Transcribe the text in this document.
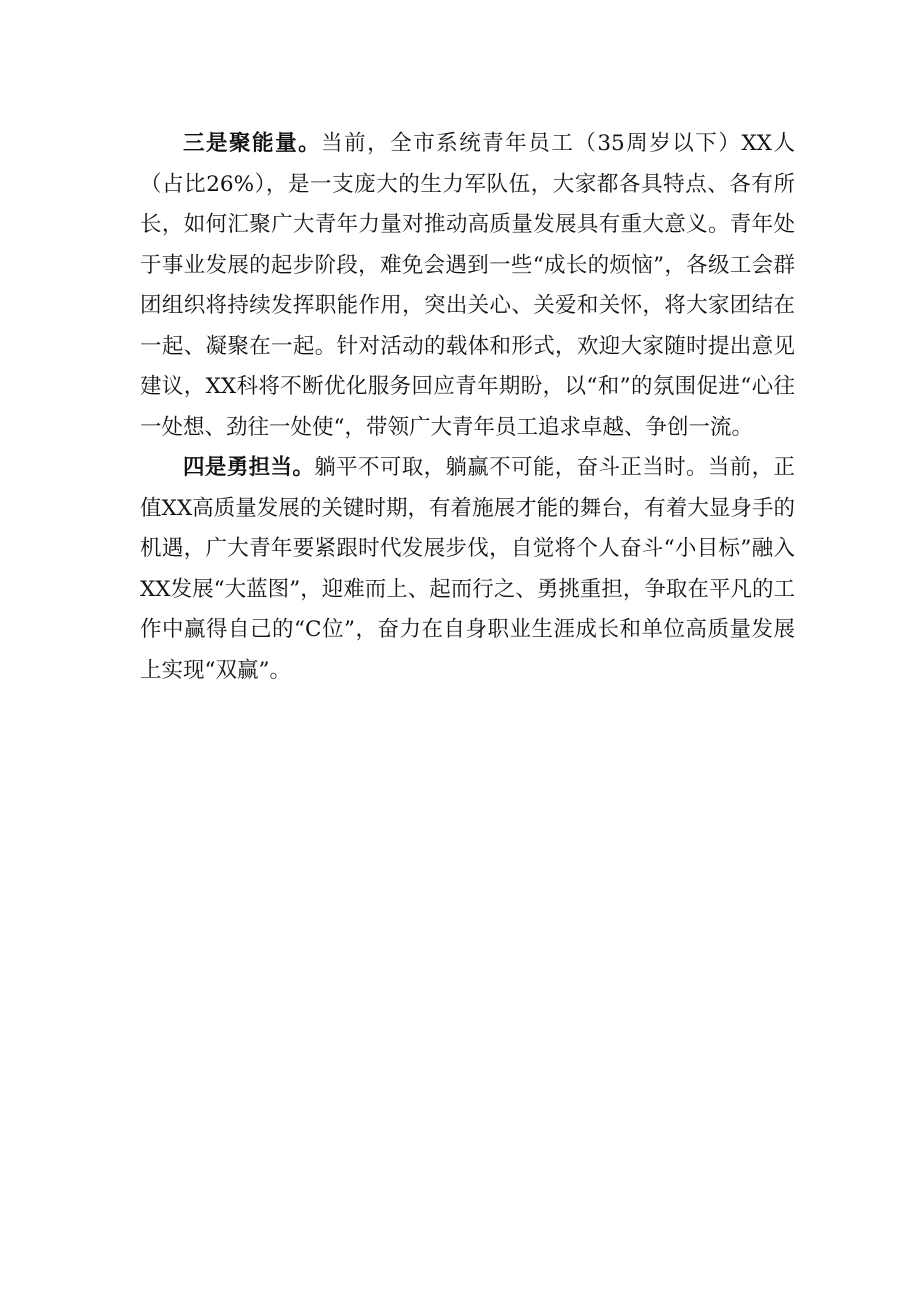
三是聚能量。当前，全市系统青年员工（35周岁以下）XX人（占比26%），是一支庞大的生力军队伍，大家都各具特点、各有所长，如何汇聚广大青年力量对推动高质量发展具有重大意义。青年处于事业发展的起步阶段，难免会遇到一些“成长的烦恼”，各级工会群团组织将持续发挥职能作用，突出关心、关爱和关怀，将大家团结在一起、凝聚在一起。针对活动的载体和形式，欢迎大家随时提出意见建议，XX科将不断优化服务回应青年期盼，以“和”的氛围促进“心往一处想、劲往一处使“，带领广大青年员工追求卓越、争创一流。

四是勇担当。躺平不可取，躺赢不可能，奋斗正当时。当前，正值XX高质量发展的关键时期，有着施展才能的舞台，有着大显身手的机遇，广大青年要紧跟时代发展步伐，自觉将个人奋斗“小目标”融入XX发展“大蓝图”，迎难而上、起而行之、勇挑重担，争取在平凡的工作中赢得自己的“C位”，奋力在自身职业生涯成长和单位高质量发展上实现“双赢”。
